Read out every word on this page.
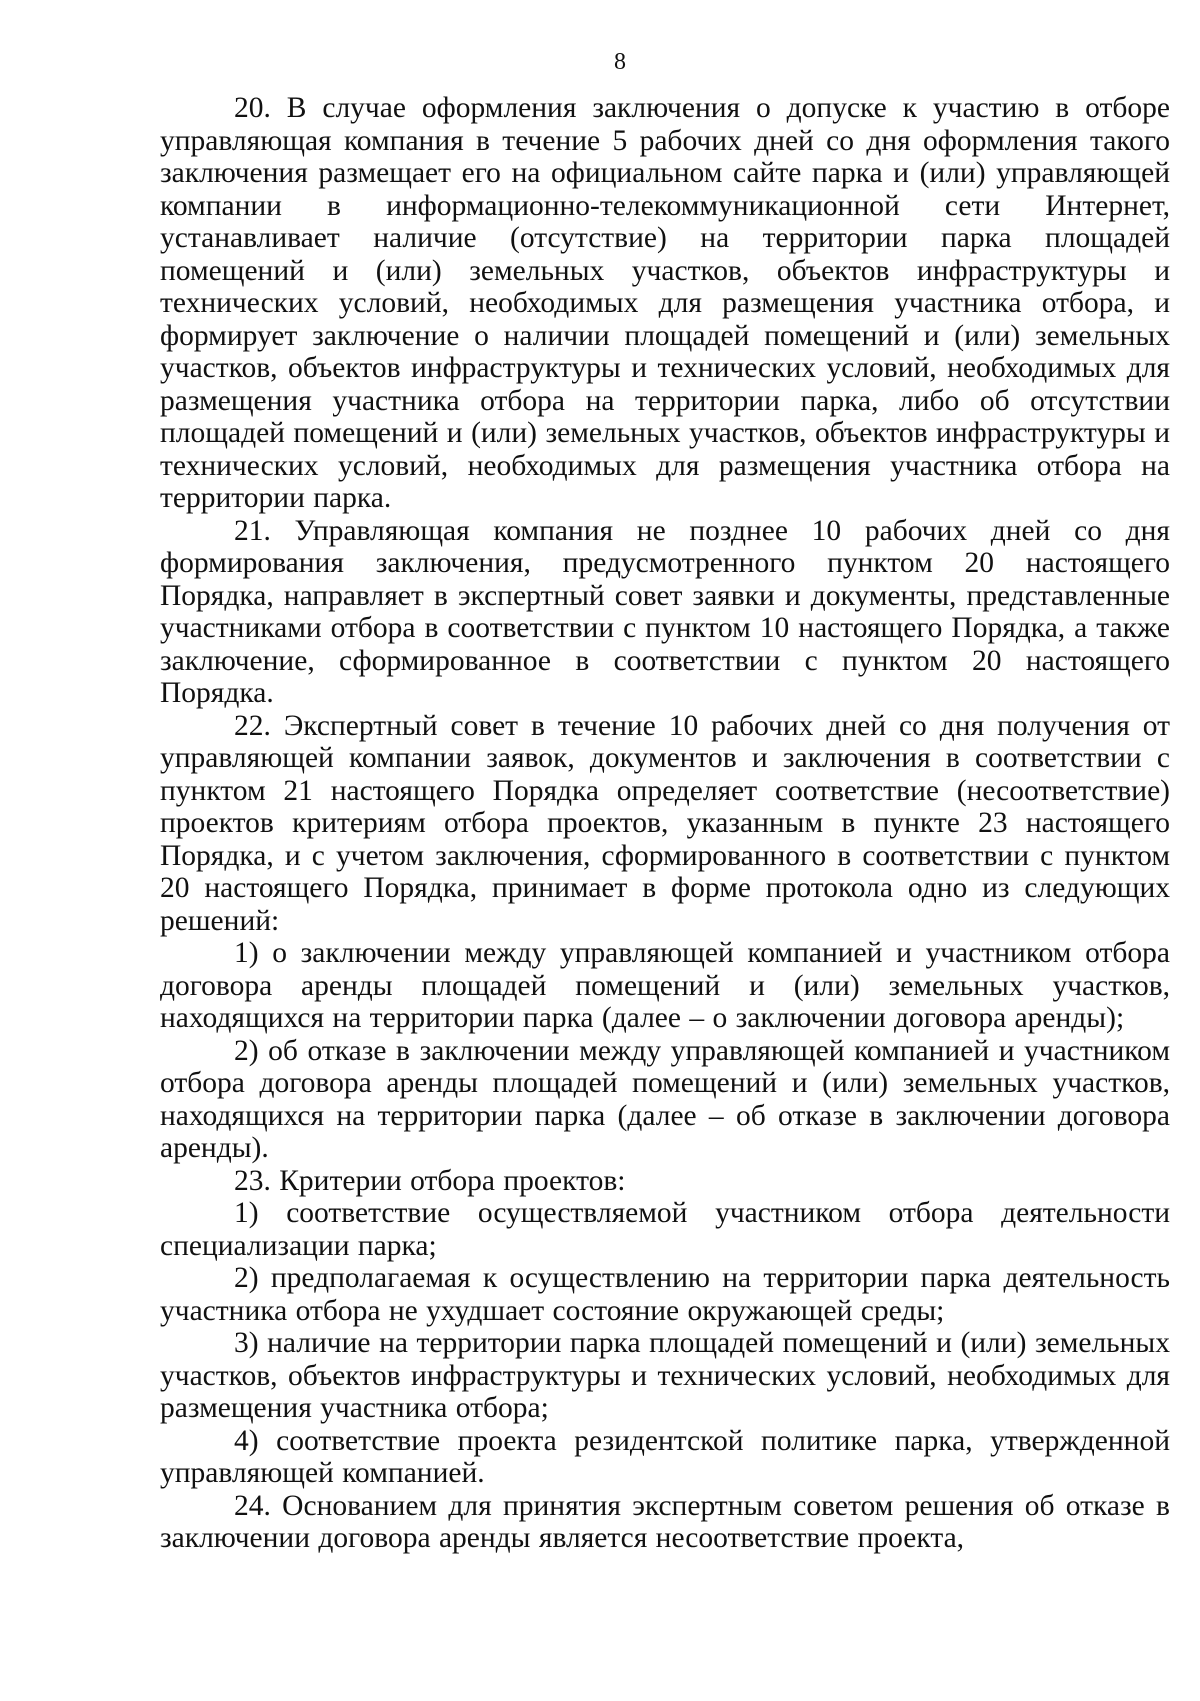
8

20. В случае оформления заключения о допуске к участию в отборе управляющая компания в течение 5 рабочих дней со дня оформления такого заключения размещает его на официальном сайте парка и (или) управляющей компании в информационно-телекоммуникационной сети Интернет, устанавливает наличие (отсутствие) на территории парка площадей помещений и (или) земельных участков, объектов инфраструктуры и технических условий, необходимых для размещения участника отбора, и формирует заключение о наличии площадей помещений и (или) земельных участков, объектов инфраструктуры и технических условий, необходимых для размещения участника отбора на территории парка, либо об отсутствии площадей помещений и (или) земельных участков, объектов инфраструктуры и технических условий, необходимых для размещения участника отбора на территории парка.

21. Управляющая компания не позднее 10 рабочих дней со дня формирования заключения, предусмотренного пунктом 20 настоящего Порядка, направляет в экспертный совет заявки и документы, представленные участниками отбора в соответствии с пунктом 10 настоящего Порядка, а также заключение, сформированное в соответствии с пунктом 20 настоящего Порядка.

22. Экспертный совет в течение 10 рабочих дней со дня получения от управляющей компании заявок, документов и заключения в соответствии с пунктом 21 настоящего Порядка определяет соответствие (несоответствие) проектов критериям отбора проектов, указанным в пункте 23 настоящего Порядка, и с учетом заключения, сформированного в соответствии с пунктом 20 настоящего Порядка, принимает в форме протокола одно из следующих решений:

1) о заключении между управляющей компанией и участником отбора договора аренды площадей помещений и (или) земельных участков, находящихся на территории парка (далее – о заключении договора аренды);

2) об отказе в заключении между управляющей компанией и участником отбора договора аренды площадей помещений и (или) земельных участков, находящихся на территории парка (далее – об отказе в заключении договора аренды).

23. Критерии отбора проектов:

1) соответствие осуществляемой участником отбора деятельности специализации парка;

2) предполагаемая к осуществлению на территории парка деятельность участника отбора не ухудшает состояние окружающей среды;

3) наличие на территории парка площадей помещений и (или) земельных участков, объектов инфраструктуры и технических условий, необходимых для размещения участника отбора;

4) соответствие проекта резидентской политике парка, утвержденной управляющей компанией.

24. Основанием для принятия экспертным советом решения об отказе в заключении договора аренды является несоответствие проекта,
